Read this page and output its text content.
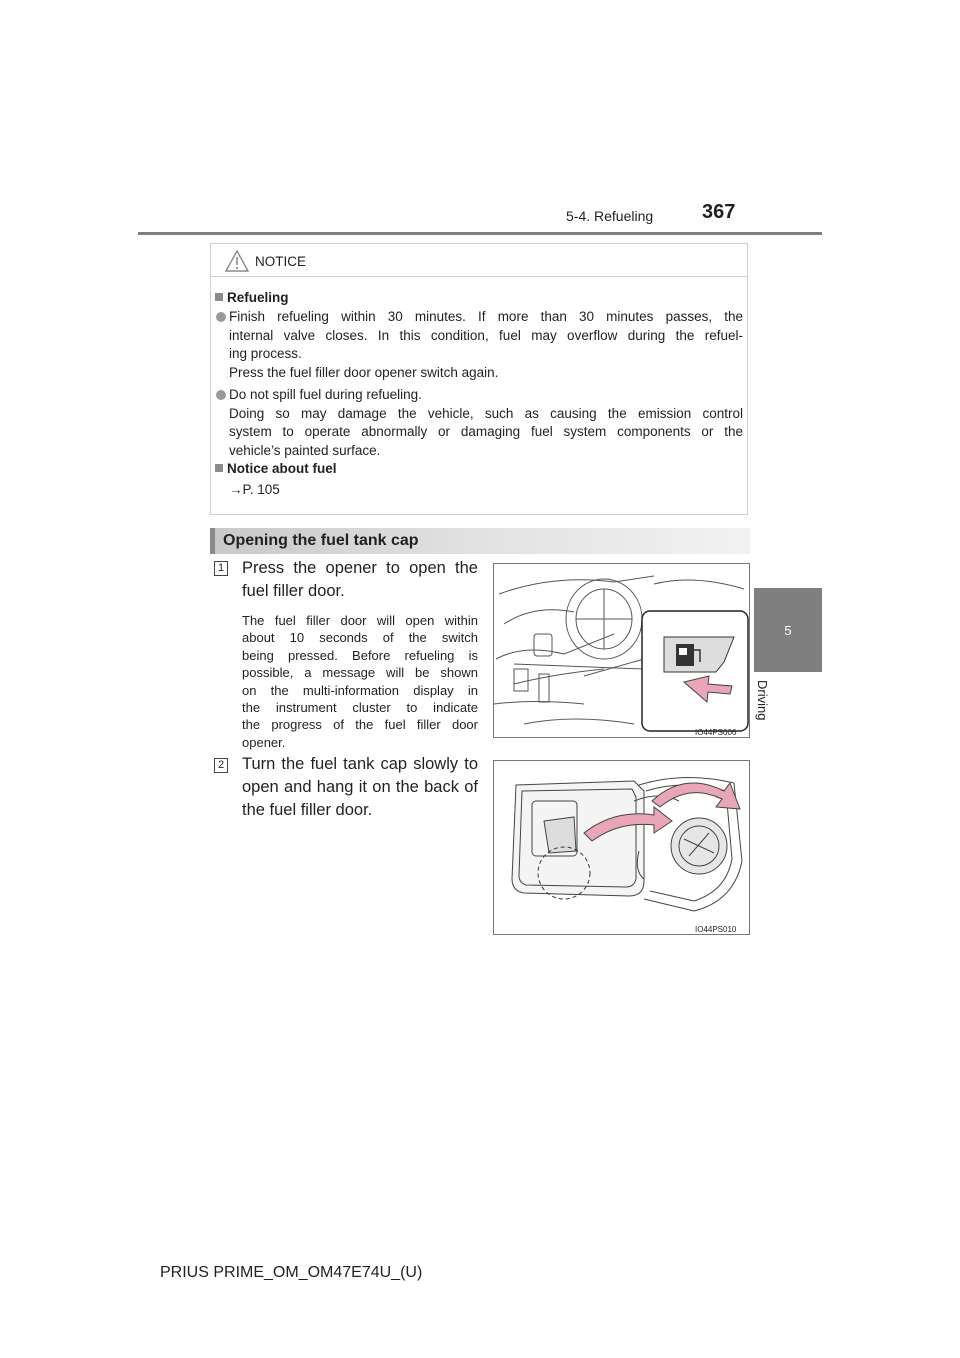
5-4. Refueling 367
5
Driving
NOTICE
Refueling
Finish refueling within 30 minutes. If more than 30 minutes passes, the
internal valve closes. In this condition, fuel may overflow during the refuel-
ing process.
Press the fuel filler door opener switch again.
Do not spill fuel during refueling.
Doing so may damage the vehicle, such as causing the emission control
system to operate abnormally or damaging fuel system components or the
vehicle’s painted surface.
Notice about fuel
→P. 105
Opening the fuel tank cap
1 Press the opener to open the
fuel filler door.
The fuel filler door will open within
about 10 seconds of the switch
being pressed. Before refueling is
possible, a message will be shown
on the multi-information display in
the instrument cluster to indicate
the progress of the fuel filler door
opener.
IO44PS006
2 Turn the fuel tank cap slowly to
open and hang it on the back of
the fuel filler door.
IO44PS010
PRIUS PRIME_OM_OM47E74U_(U)
